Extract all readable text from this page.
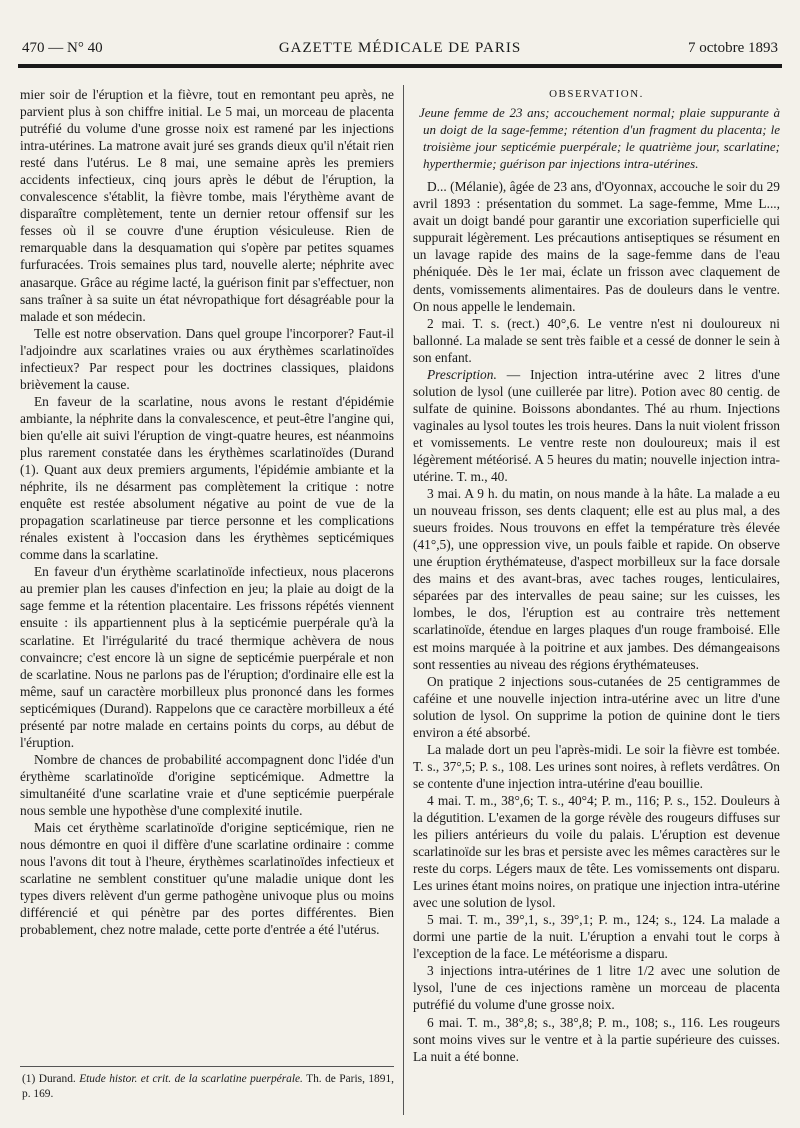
470 — N° 40	GAZETTE MÉDICALE DE PARIS	7 octobre 1893

mier soir de l'éruption et la fièvre, tout en remontant peu après, ne parvient plus à son chiffre initial. Le 5 mai, un morceau de placenta putréfié du volume d'une grosse noix est ramené par les injections intra-utérines. La matrone avait juré ses grands dieux qu'il n'était rien resté dans l'utérus. Le 8 mai, une semaine après les premiers accidents infectieux, cinq jours après le début de l'éruption, la convalescence s'établit, la fièvre tombe, mais l'érythème avant de disparaître complètement, tente un dernier retour offensif sur les fesses où il se couvre d'une éruption vésiculeuse. Rien de remarquable dans la desquamation qui s'opère par petites squames furfuracées. Trois semaines plus tard, nouvelle alerte; néphrite avec anasarque. Grâce au régime lacté, la guérison finit par s'effectuer, non sans traîner à sa suite un état névropathique fort désagréable pour la malade et son médecin.

Telle est notre observation. Dans quel groupe l'incorporer? Faut-il l'adjoindre aux scarlatines vraies ou aux érythèmes scarlatinoïdes infectieux? Par respect pour les doctrines classiques, plaidons brièvement la cause.

En faveur de la scarlatine, nous avons le restant d'épidémie ambiante, la néphrite dans la convalescence, et peut-être l'angine qui, bien qu'elle ait suivi l'éruption de vingt-quatre heures, est néanmoins plus rarement constatée dans les érythèmes scarlatinoïdes (Durand (1). Quant aux deux premiers arguments, l'épidémie ambiante et la néphrite, ils ne désarment pas complètement la critique : notre enquête est restée absolument négative au point de vue de la propagation scarlatineuse par tierce personne et les complications rénales existent à l'occasion dans les érythèmes septicémiques comme dans la scarlatine.

En faveur d'un érythème scarlatinoïde infectieux, nous placerons au premier plan les causes d'infection en jeu; la plaie au doigt de la sage femme et la rétention placentaire. Les frissons répétés viennent ensuite : ils appartiennent plus à la septicémie puerpérale qu'à la scarlatine. Et l'irrégularité du tracé thermique achèvera de nous convaincre; c'est encore là un signe de septicémie puerpérale et non de scarlatine. Nous ne parlons pas de l'éruption; d'ordinaire elle est la même, sauf un caractère morbilleux plus prononcé dans les formes septicémiques (Durand). Rappelons que ce caractère morbilleux a été présenté par notre malade en certains points du corps, au début de l'éruption.

Nombre de chances de probabilité accompagnent donc l'idée d'un érythème scarlatinoïde d'origine septicémique. Admettre la simultanéité d'une scarlatine vraie et d'une septicémie puerpérale nous semble une hypothèse d'une complexité inutile.

Mais cet érythème scarlatinoïde d'origine septicémique, rien ne nous démontre en quoi il diffère d'une scarlatine ordinaire : comme nous l'avons dit tout à l'heure, érythèmes scarlatinoïdes infectieux et scarlatine ne semblent constituer qu'une maladie unique dont les types divers relèvent d'un germe pathogène univoque plus ou moins différencié et qui pénètre par des portes différentes. Bien probablement, chez notre malade, cette porte d'entrée a été l'utérus.

(1) Durand. Etude histor. et crit. de la scarlatine puerpérale. Th. de Paris, 1891, p. 169.
OBSERVATION.
Jeune femme de 23 ans; accouchement normal; plaie suppurante à un doigt de la sage-femme; rétention d'un fragment du placenta; le troisième jour septicémie puerpérale; le quatrième jour, scarlatine; hyperthermie; guérison par injections intra-utérines.

D... (Mélanie), âgée de 23 ans, d'Oyonnax, accouche le soir du 29 avril 1893 : présentation du sommet. La sage-femme, Mme L..., avait un doigt bandé pour garantir une excoriation superficielle qui suppurait légèrement. Les précautions antiseptiques se résument en un lavage rapide des mains de la sage-femme dans de l'eau phéniquée. Dès le 1er mai, éclate un frisson avec claquement de dents, vomissements alimentaires. Pas de douleurs dans le ventre. On nous appelle le lendemain.

2 mai. T. s. (rect.) 40°,6. Le ventre n'est ni douloureux ni ballonné. La malade se sent très faible et a cessé de donner le sein à son enfant.

Prescription. — Injection intra-utérine avec 2 litres d'une solution de lysol (une cuillerée par litre). Potion avec 80 centig. de sulfate de quinine. Boissons abondantes. Thé au rhum. Injections vaginales au lysol toutes les trois heures. Dans la nuit violent frisson et vomissements. Le ventre reste non douloureux; mais il est légèrement météorisé. A 5 heures du matin; nouvelle injection intra-utérine. T. m., 40.

3 mai. A 9 h. du matin, on nous mande à la hâte. La malade a eu un nouveau frisson, ses dents claquent; elle est au plus mal, a des sueurs froides. Nous trouvons en effet la température très élevée (41°,5), une oppression vive, un pouls faible et rapide. On observe une éruption érythémateuse, d'aspect morbilleux sur la face dorsale des mains et des avant-bras, avec taches rouges, lenticulaires, séparées par des intervalles de peau saine; sur les cuisses, les lombes, le dos, l'éruption est au contraire très nettement scarlatinoïde, étendue en larges plaques d'un rouge framboisé. Elle est moins marquée à la poitrine et aux jambes. Des démangeaisons sont ressenties au niveau des régions érythémateuses.

On pratique 2 injections sous-cutanées de 25 centigrammes de caféine et une nouvelle injection intra-utérine avec un litre d'une solution de lysol. On supprime la potion de quinine dont le tiers environ a été absorbé.

La malade dort un peu l'après-midi. Le soir la fièvre est tombée. T. s., 37°,5; P. s., 108. Les urines sont noires, à reflets verdâtres. On se contente d'une injection intra-utérine d'eau bouillie.

4 mai. T. m., 38°,6; T. s., 40°4; P. m., 116; P. s., 152. Douleurs à la dégutition. L'examen de la gorge révèle des rougeurs diffuses sur les piliers antérieurs du voile du palais. L'éruption est devenue scarlatinoïde sur les bras et persiste avec les mêmes caractères sur le reste du corps. Légers maux de tête. Les vomissements ont disparu. Les urines étant moins noires, on pratique une injection intra-utérine avec une solution de lysol.

5 mai. T. m., 39°,1, s., 39°,1; P. m., 124; s., 124. La malade a dormi une partie de la nuit. L'éruption a envahi tout le corps à l'exception de la face. Le météorisme a disparu.

3 injections intra-utérines de 1 litre 1/2 avec une solution de lysol, l'une de ces injections ramène un morceau de placenta putréfié du volume d'une grosse noix.

6 mai. T. m., 38°,8; s., 38°,8; P. m., 108; s., 116. Les rougeurs sont moins vives sur le ventre et à la partie supérieure des cuisses. La nuit a été bonne.
